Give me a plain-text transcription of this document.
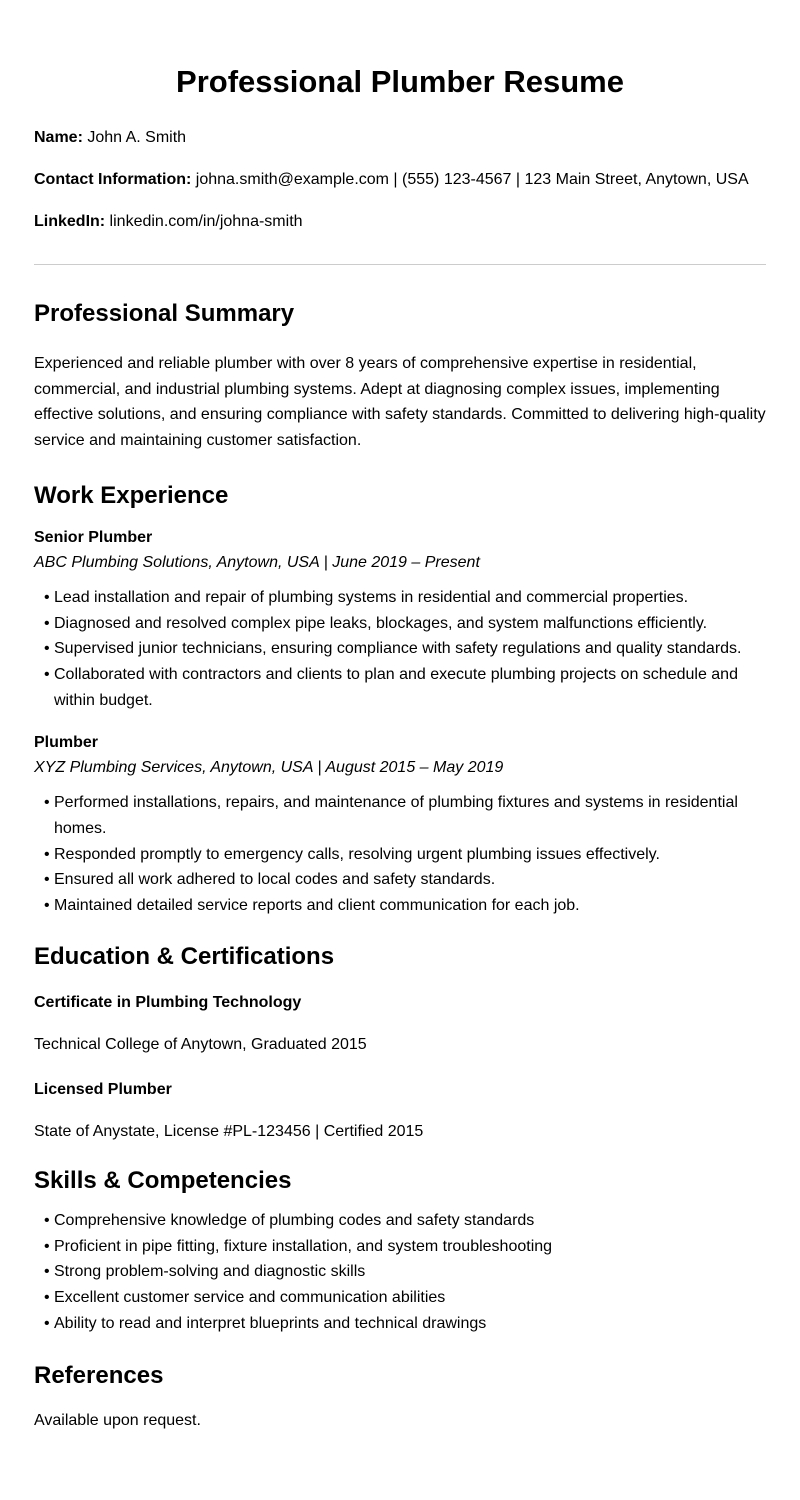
Professional Plumber Resume

Name: John A. Smith

Contact Information: johna.smith@example.com | (555) 123-4567 | 123 Main Street, Anytown, USA

LinkedIn: linkedin.com/in/johna-smith

Professional Summary

Experienced and reliable plumber with over 8 years of comprehensive expertise in residential, commercial, and industrial plumbing systems. Adept at diagnosing complex issues, implementing effective solutions, and ensuring compliance with safety standards. Committed to delivering high-quality service and maintaining customer satisfaction.

Work Experience

Senior Plumber

ABC Plumbing Solutions, Anytown, USA | June 2019 – Present

• Lead installation and repair of plumbing systems in residential and commercial properties.
• Diagnosed and resolved complex pipe leaks, blockages, and system malfunctions efficiently.
• Supervised junior technicians, ensuring compliance with safety regulations and quality standards.
• Collaborated with contractors and clients to plan and execute plumbing projects on schedule and within budget.

Plumber

XYZ Plumbing Services, Anytown, USA | August 2015 – May 2019

• Performed installations, repairs, and maintenance of plumbing fixtures and systems in residential homes.
• Responded promptly to emergency calls, resolving urgent plumbing issues effectively.
• Ensured all work adhered to local codes and safety standards.
• Maintained detailed service reports and client communication for each job.
Education & Certifications

Certificate in Plumbing Technology

Technical College of Anytown, Graduated 2015

Licensed Plumber

State of Anystate, License #PL-123456 | Certified 2015

Skills & Competencies
• Comprehensive knowledge of plumbing codes and safety standards
• Proficient in pipe fitting, fixture installation, and system troubleshooting
• Strong problem-solving and diagnostic skills
• Excellent customer service and communication abilities
• Ability to read and interpret blueprints and technical drawings
References

Available upon request.
